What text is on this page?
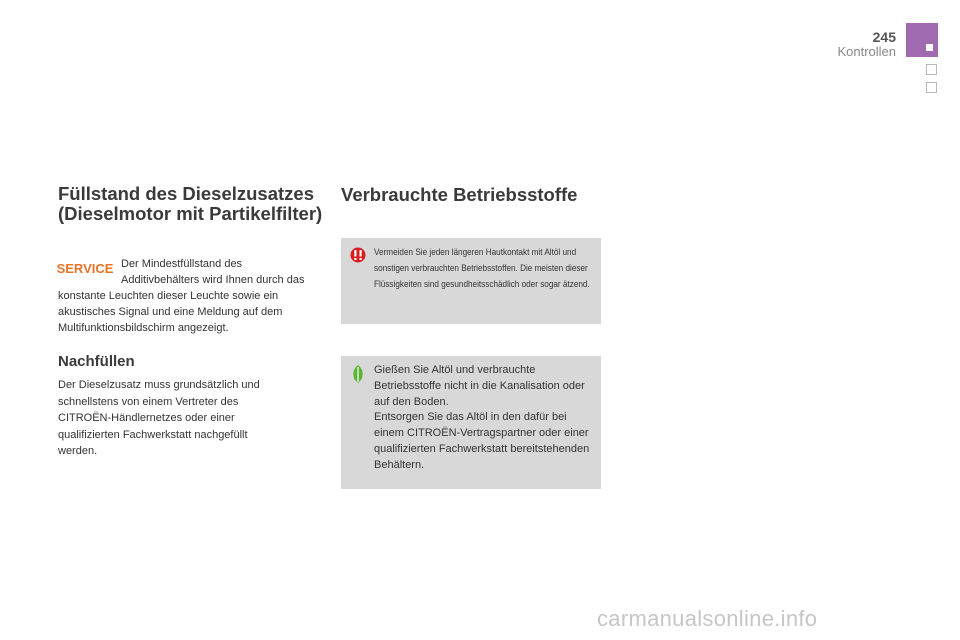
245
Kontrollen
Füllstand des Dieselzusatzes (Dieselmotor mit Partikelfilter)
SERVICE Der Mindestfüllstand des Additivbehälters wird Ihnen durch das konstante Leuchten dieser Leuchte sowie ein akustisches Signal und eine Meldung auf dem Multifunktionsbildschirm angezeigt.

Nachfüllen

Der Dieselzusatz muss grundsätzlich und schnellstens von einem Vertreter des CITROËN-Händlernetzes oder einer qualifizierten Fachwerkstatt nachgefüllt werden.

Verbrauchte Betriebsstoffe

Vermeiden Sie jeden längeren Hautkontakt mit Altöl und sonstigen verbrauchten Betriebsstoffen. Die meisten dieser Flüssigkeiten sind gesundheitsschädlich oder sogar ätzend.

Gießen Sie Altöl und verbrauchte Betriebsstoffe nicht in die Kanalisation oder auf den Boden.
Entsorgen Sie das Altöl in den dafür bei einem CITROËN-Vertragspartner oder einer qualifizierten Fachwerkstatt bereitstehenden Behältern.

carmanualsonline.info
